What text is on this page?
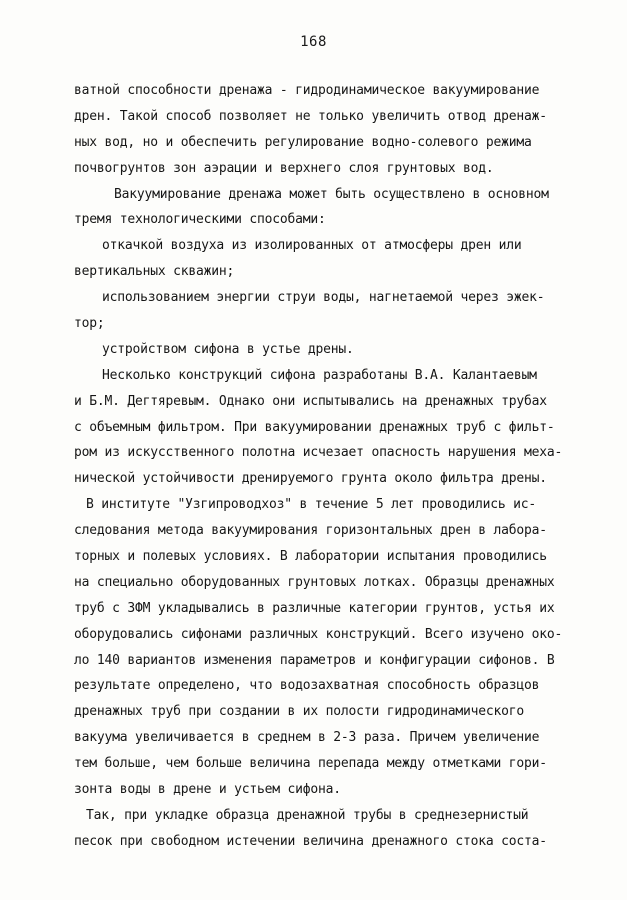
168
ватной способности дренажа - гидродинамическое вакуумирование
дрен. Такой способ позволяет не только увеличить отвод дренаж-
ных вод, но и обеспечить регулирование водно-солевого режима
почвогрунтов зон аэрации и верхнего слоя грунтовых вод.
Вакуумирование дренажа может быть осуществлено в основном
тремя технологическими способами:
откачкой воздуха из изолированных от атмосферы дрен или
вертикальных скважин;
использованием энергии струи воды, нагнетаемой через эжек-
тор;
устройством сифона в устье дрены.
Несколько конструкций сифона разработаны В.А. Калантаевым
и Б.М. Дегтяревым. Однако они испытывались на дренажных трубах
с объемным фильтром. При вакуумировании дренажных труб с фильт-
ром из искусственного полотна исчезает опасность нарушения меха-
нической устойчивости дренируемого грунта около фильтра дрены.
В институте "Узгипроводхоз" в течение 5 лет проводились ис-
следования метода вакуумирования горизонтальных дрен в лабора-
торных и полевых условиях. В лаборатории испытания проводились
на специально оборудованных грунтовых лотках. Образцы дренажных
труб с ЗФМ укладывались в различные категории грунтов, устья их
оборудовались сифонами различных конструкций. Всего изучено око-
ло 140 вариантов изменения параметров и конфигурации сифонов. В
результате определено, что водозахватная способность образцов
дренажных труб при создании в их полости гидродинамического
вакуума увеличивается в среднем в 2-3 раза. Причем увеличение
тем больше, чем больше величина перепада между отметками гори-
зонта воды в дрене и устьем сифона.
Так, при укладке образца дренажной трубы в среднезернистый
песок при свободном истечении величина дренажного стока соста-
